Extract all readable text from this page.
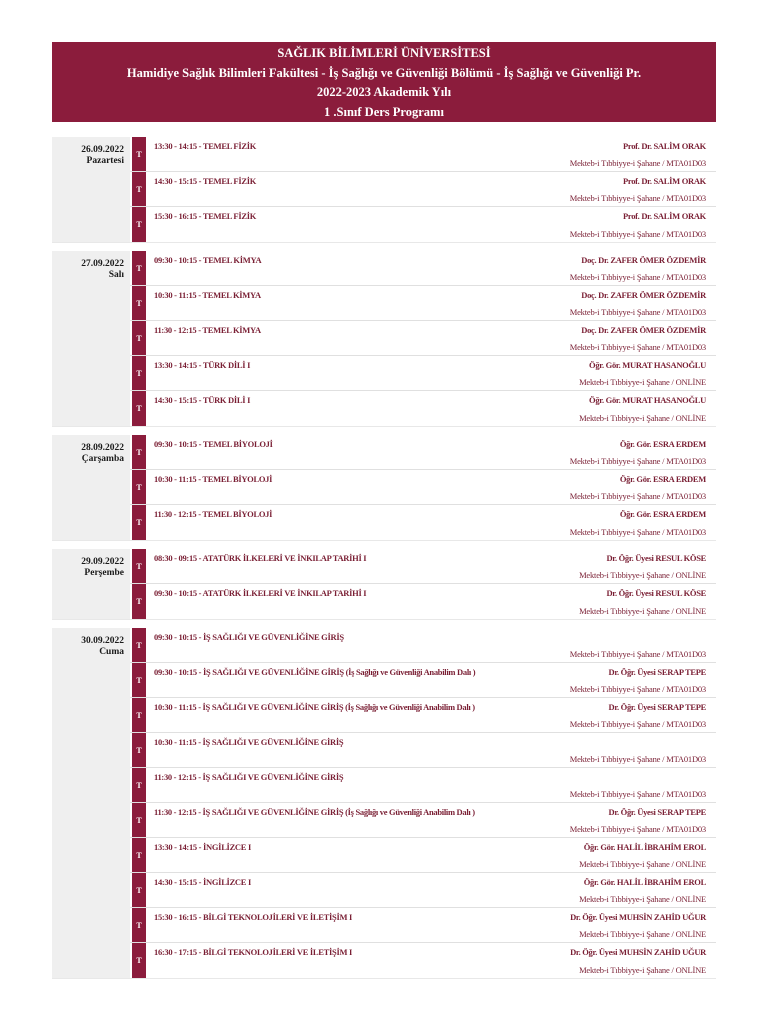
SAĞLIK BİLİMLERİ ÜNİVERSİTESİ
Hamidiye Sağlık Bilimleri Fakültesi - İş Sağlığı ve Güvenliği Bölümü - İş Sağlığı ve Güvenliği Pr.
2022-2023 Akademik Yılı
1 .Sınıf Ders Programı
26.09.2022
Pazartesi
T
13:30 - 14:15 - TEMEL FİZİK	Prof. Dr. SALİM ORAK
Mekteb-i Tıbbiyye-i Şahane / MTA01D03
T
14:30 - 15:15 - TEMEL FİZİK	Prof. Dr. SALİM ORAK
Mekteb-i Tıbbiyye-i Şahane / MTA01D03
T
15:30 - 16:15 - TEMEL FİZİK	Prof. Dr. SALİM ORAK
Mekteb-i Tıbbiyye-i Şahane / MTA01D03
27.09.2022
Salı
T
09:30 - 10:15 - TEMEL KİMYA	Doç. Dr. ZAFER ÖMER ÖZDEMİR
Mekteb-i Tıbbiyye-i Şahane / MTA01D03
T
10:30 - 11:15 - TEMEL KİMYA	Doç. Dr. ZAFER ÖMER ÖZDEMİR
Mekteb-i Tıbbiyye-i Şahane / MTA01D03
T
11:30 - 12:15 - TEMEL KİMYA	Doç. Dr. ZAFER ÖMER ÖZDEMİR
Mekteb-i Tıbbiyye-i Şahane / MTA01D03
T
13:30 - 14:15 - TÜRK DİLİ I	Öğr. Gör. MURAT HASANOĞLU
Mekteb-i Tıbbiyye-i Şahane / ONLİNE
T
14:30 - 15:15 - TÜRK DİLİ I	Öğr. Gör. MURAT HASANOĞLU
Mekteb-i Tıbbiyye-i Şahane / ONLİNE
28.09.2022
Çarşamba
T
09:30 - 10:15 - TEMEL BİYOLOJİ	Öğr. Gör. ESRA ERDEM
Mekteb-i Tıbbiyye-i Şahane / MTA01D03
T
10:30 - 11:15 - TEMEL BİYOLOJİ	Öğr. Gör. ESRA ERDEM
Mekteb-i Tıbbiyye-i Şahane / MTA01D03
T
11:30 - 12:15 - TEMEL BİYOLOJİ	Öğr. Gör. ESRA ERDEM
Mekteb-i Tıbbiyye-i Şahane / MTA01D03
29.09.2022
Perşembe
T
08:30 - 09:15 - ATATÜRK İLKELERİ VE İNKILAP TARİHİ I	Dr. Öğr. Üyesi RESUL KÖSE
Mekteb-i Tıbbiyye-i Şahane / ONLİNE
T
09:30 - 10:15 - ATATÜRK İLKELERİ VE İNKILAP TARİHİ I	Dr. Öğr. Üyesi RESUL KÖSE
Mekteb-i Tıbbiyye-i Şahane / ONLİNE
30.09.2022
Cuma
T
09:30 - 10:15 - İŞ SAĞLIĞI VE GÜVENLİĞİNE GİRİŞ
Mekteb-i Tıbbiyye-i Şahane / MTA01D03
T
09:30 - 10:15 - İŞ SAĞLIĞI VE GÜVENLİĞİNE GİRİŞ (İş Sağlığı ve Güvenliği Anabilim Dalı )	Dr. Öğr. Üyesi SERAP TEPE
Mekteb-i Tıbbiyye-i Şahane / MTA01D03
T
10:30 - 11:15 - İŞ SAĞLIĞI VE GÜVENLİĞİNE GİRİŞ (İş Sağlığı ve Güvenliği Anabilim Dalı )	Dr. Öğr. Üyesi SERAP TEPE
Mekteb-i Tıbbiyye-i Şahane / MTA01D03
T
10:30 - 11:15 - İŞ SAĞLIĞI VE GÜVENLİĞİNE GİRİŞ
Mekteb-i Tıbbiyye-i Şahane / MTA01D03
T
11:30 - 12:15 - İŞ SAĞLIĞI VE GÜVENLİĞİNE GİRİŞ
Mekteb-i Tıbbiyye-i Şahane / MTA01D03
T
11:30 - 12:15 - İŞ SAĞLIĞI VE GÜVENLİĞİNE GİRİŞ (İş Sağlığı ve Güvenliği Anabilim Dalı )	Dr. Öğr. Üyesi SERAP TEPE
Mekteb-i Tıbbiyye-i Şahane / MTA01D03
T
13:30 - 14:15 - İNGİLİZCE I	Öğr. Gör. HALİL İBRAHİM EROL
Mekteb-i Tıbbiyye-i Şahane / ONLİNE
T
14:30 - 15:15 - İNGİLİZCE I	Öğr. Gör. HALİL İBRAHİM EROL
Mekteb-i Tıbbiyye-i Şahane / ONLİNE
T
15:30 - 16:15 - BİLGİ TEKNOLOJİLERİ VE İLETİŞİM I	Dr. Öğr. Üyesi MUHSİN ZAHİD UĞUR
Mekteb-i Tıbbiyye-i Şahane / ONLİNE
T
16:30 - 17:15 - BİLGİ TEKNOLOJİLERİ VE İLETİŞİM I	Dr. Öğr. Üyesi MUHSİN ZAHİD UĞUR
Mekteb-i Tıbbiyye-i Şahane / ONLİNE
